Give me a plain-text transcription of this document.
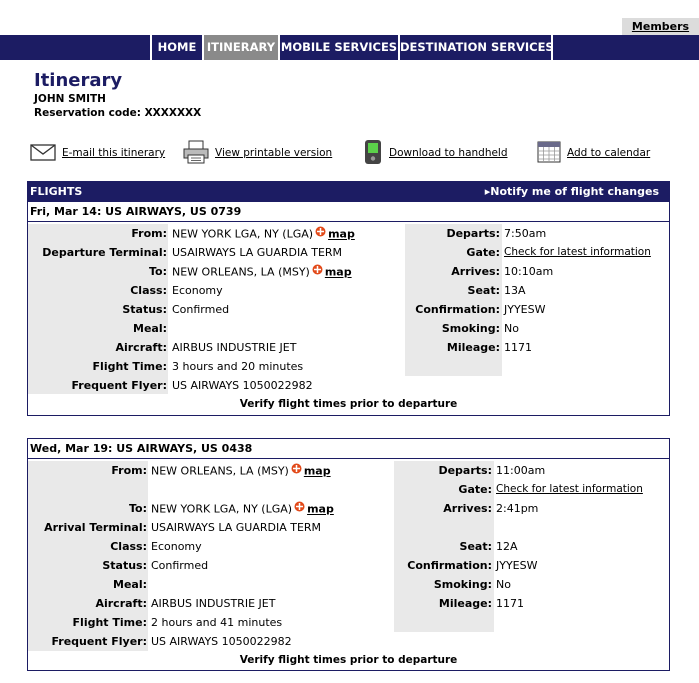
Members
HOME ITINERARY MOBILE SERVICES DESTINATION SERVICES
Itinerary
JOHN SMITH
Reservation code: XXXXXXX
E-mail this itinerary	View printable version	Download to handheld	Add to calendar
FLIGHTS	▸Notify me of flight changes
Fri, Mar 14: US AIRWAYS, US 0739
From: NEW YORK LGA, NY (LGA) map
Departure Terminal: USAIRWAYS LA GUARDIA TERM
To: NEW ORLEANS, LA (MSY) map
Class: Economy
Status: Confirmed
Meal:
Aircraft: AIRBUS INDUSTRIE JET
Flight Time: 3 hours and 20 minutes
Frequent Flyer: US AIRWAYS 1050022982
Departs: 7:50am
Gate: Check for latest information
Arrives: 10:10am
Seat: 13A
Confirmation: JYYESW
Smoking: No
Mileage: 1171
Verify flight times prior to departure
Wed, Mar 19: US AIRWAYS, US 0438
From: NEW ORLEANS, LA (MSY) map
To: NEW YORK LGA, NY (LGA) map
Arrival Terminal: USAIRWAYS LA GUARDIA TERM
Class: Economy
Status: Confirmed
Meal:
Aircraft: AIRBUS INDUSTRIE JET
Flight Time: 2 hours and 41 minutes
Frequent Flyer: US AIRWAYS 1050022982
Departs: 11:00am
Gate: Check for latest information
Arrives: 2:41pm
Seat: 12A
Confirmation: JYYESW
Smoking: No
Mileage: 1171
Verify flight times prior to departure
